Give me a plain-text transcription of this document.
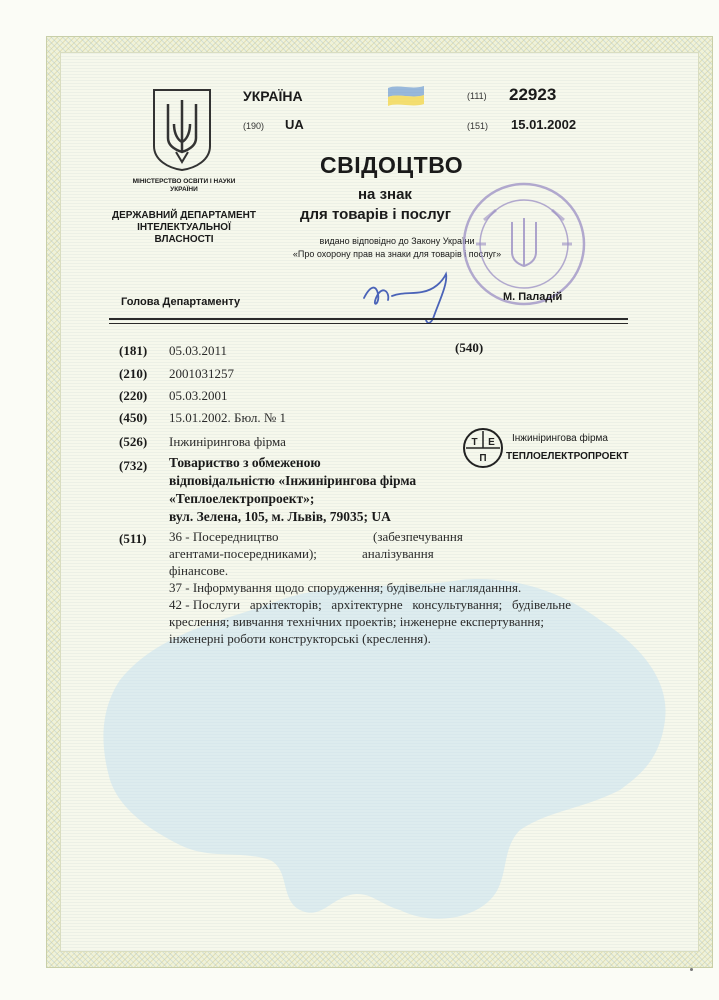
МІНІСТЕРСТВО ОСВІТИ І НАУКИ УКРАЇНИ
ДЕРЖАВНИЙ ДЕПАРТАМЕНТ ІНТЕЛЕКТУАЛЬНОЇ ВЛАСНОСТІ
УКРАЇНА
(190) UA
(111) 22923
(151) 15.01.2002
СВІДОЦТВО
на знак
для товарів і послуг
видано відповідно до Закону України
«Про охорону прав на знаки для товарів і послуг»
Голова Департаменту	М. Паладій
(181) 05.03.2011	(540)
(210) 2001031257
(220) 05.03.2001
(450) 15.01.2002. Бюл. № 1
(526) Інжинірингова фірма
(732) Товариство з обмеженою
відповідальністю «Інжинірингова фірма
«Теплоелектропроект»;
вул. Зелена, 105, м. Львів, 79035; UA
Т Е
П
Інжинірингова фірма
ТЕПЛОЕЛЕКТРОПРОЕКТ
(511) 36 - Посередництво	(забезпечування
агентами-посередниками);	аналізування
фінансове.
37 - Інформування щодо спорудження; будівельне нагляданння.
42 - Послуги   архітекторів;   архітектурне   консультування;   будівельне
креслення; вивчання технічних проектів; інженерне експертування;
інженерні роботи конструкторські (креслення).
